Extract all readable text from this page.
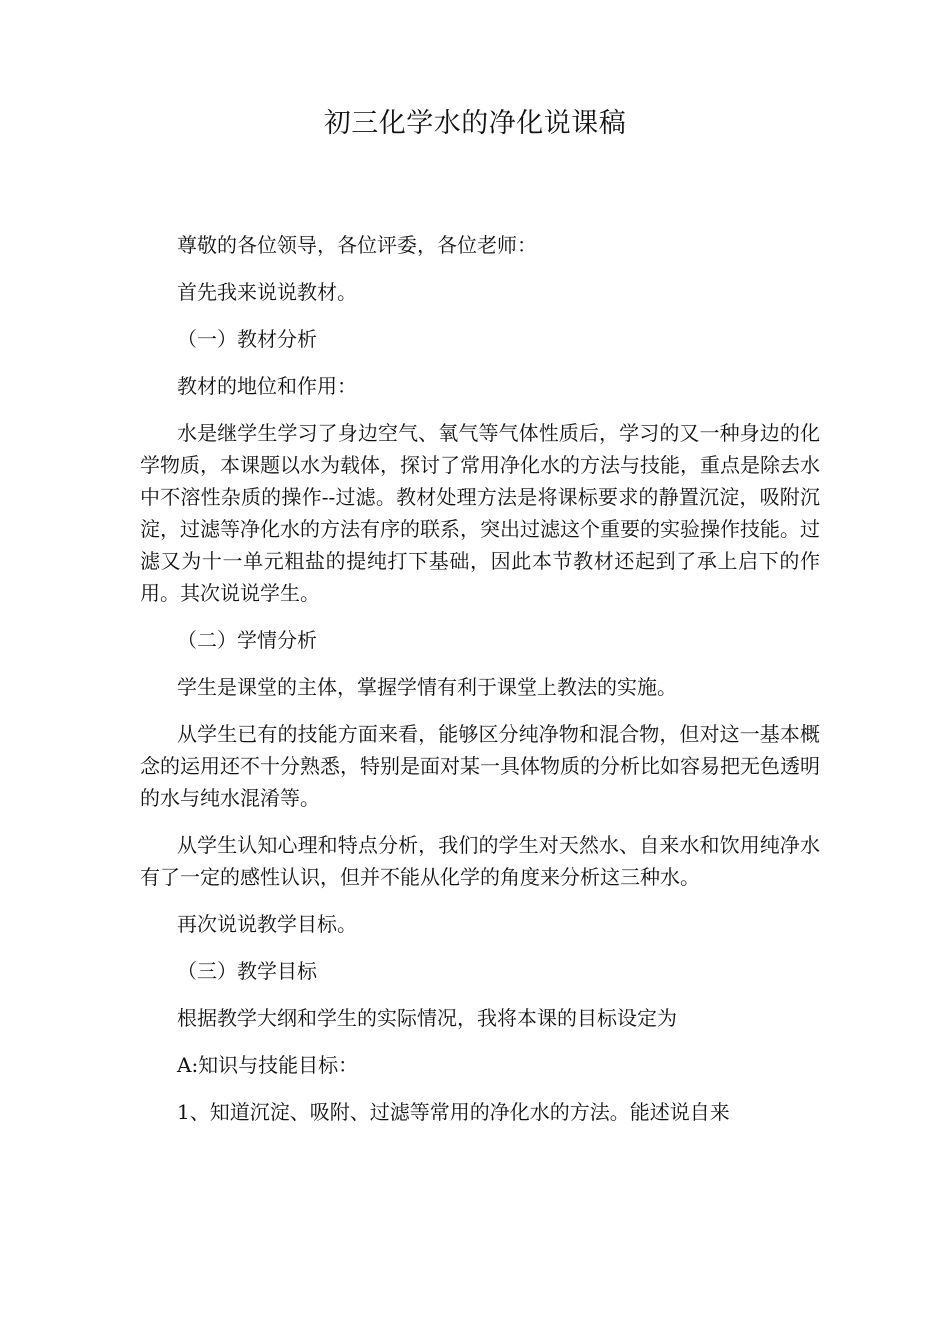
初三化学水的净化说课稿

尊敬的各位领导，各位评委，各位老师：

首先我来说说教材。

（一）教材分析

教材的地位和作用：

水是继学生学习了身边空气、氧气等气体性质后，学习的又一种身边的化学物质，本课题以水为载体，探讨了常用净化水的方法与技能，重点是除去水中不溶性杂质的操作--过滤。教材处理方法是将课标要求的静置沉淀，吸附沉淀，过滤等净化水的方法有序的联系，突出过滤这个重要的实验操作技能。过滤又为十一单元粗盐的提纯打下基础，因此本节教材还起到了承上启下的作用。其次说说学生。

（二）学情分析

学生是课堂的主体，掌握学情有利于课堂上教法的实施。

从学生已有的技能方面来看，能够区分纯净物和混合物，但对这一基本概念的运用还不十分熟悉，特别是面对某一具体物质的分析比如容易把无色透明的水与纯水混淆等。

从学生认知心理和特点分析，我们的学生对天然水、自来水和饮用纯净水有了一定的感性认识，但并不能从化学的角度来分析这三种水。

再次说说教学目标。

（三）教学目标

根据教学大纲和学生的实际情况，我将本课的目标设定为

A:知识与技能目标：

1、知道沉淀、吸附、过滤等常用的净化水的方法。能述说自来
